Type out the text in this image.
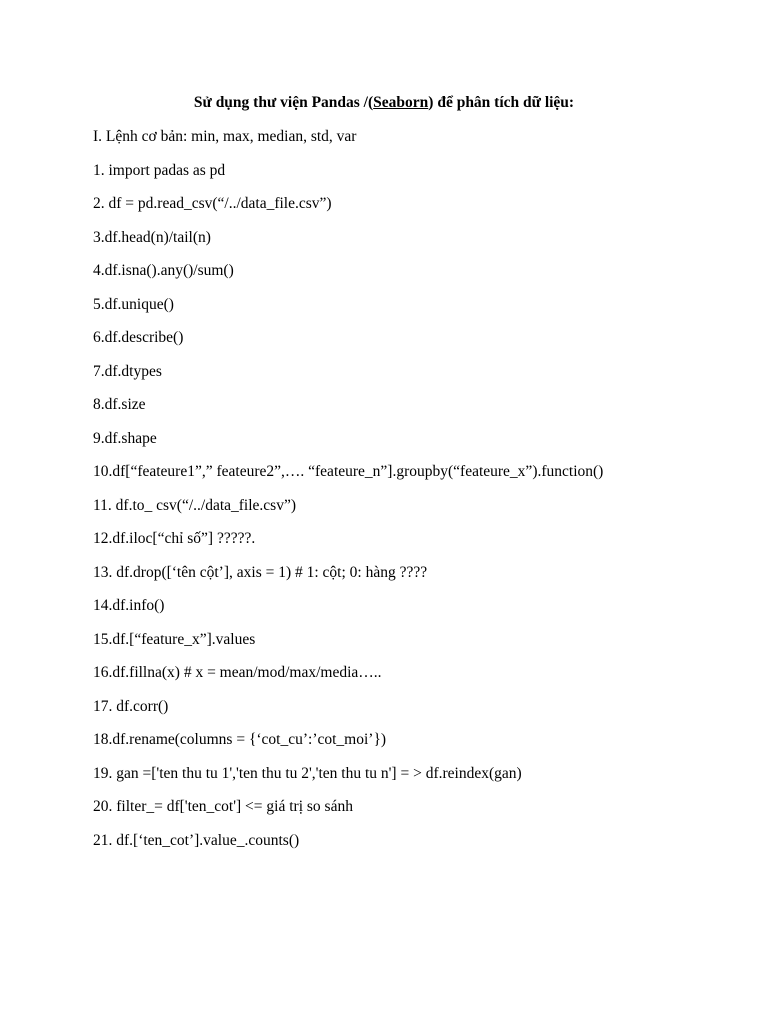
Sử dụng thư viện Pandas /(Seaborn) để phân tích dữ liệu:
I. Lệnh cơ bản: min, max, median, std, var
1. import padas as pd
2. df = pd.read_csv(“/../data_file.csv”)
3.df.head(n)/tail(n)
4.df.isna().any()/sum()
5.df.unique()
6.df.describe()
7.df.dtypes
8.df.size
9.df.shape
10.df[“feateure1”,” feateure2”,…. “feateure_n”].groupby(“feateure_x”).function()
11. df.to_ csv(“/../data_file.csv”)
12.df.iloc[“chỉ số”] ?????.
13. df.drop([‘tên cột’], axis = 1) # 1: cột; 0: hàng ????
14.df.info()
15.df.[“feature_x”].values
16.df.fillna(x) # x = mean/mod/max/media…..
17. df.corr()
18.df.rename(columns = {‘cot_cu’:’cot_moi’})
19. gan =['ten thu tu 1','ten thu tu 2','ten thu tu n'] = > df.reindex(gan)
20. filter_= df['ten_cot'] <= giá trị so sánh
21. df.[‘ten_cot’].value_.counts()
